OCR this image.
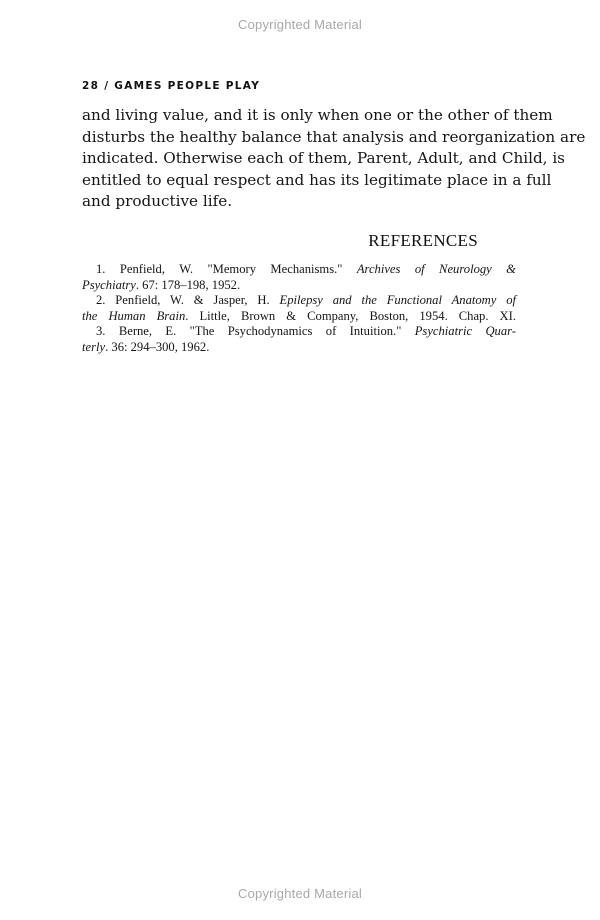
Copyrighted Material
28 / GAMES PEOPLE PLAY

and living value, and it is only when one or the other of them
disturbs the healthy balance that analysis and reorganization are
indicated. Otherwise each of them, Parent, Adult, and Child, is
entitled to equal respect and has its legitimate place in a full
and productive life.

REFERENCES
1. Penfield, W. "Memory Mechanisms." Archives of Neurology &
Psychiatry. 67: 178–198, 1952.
2. Penfield, W. & Jasper, H. Epilepsy and the Functional Anatomy of
the Human Brain. Little, Brown & Company, Boston, 1954. Chap. XI.
3. Berne, E. "The Psychodynamics of Intuition." Psychiatric Quar-
terly. 36: 294–300, 1962.
Copyrighted Material
